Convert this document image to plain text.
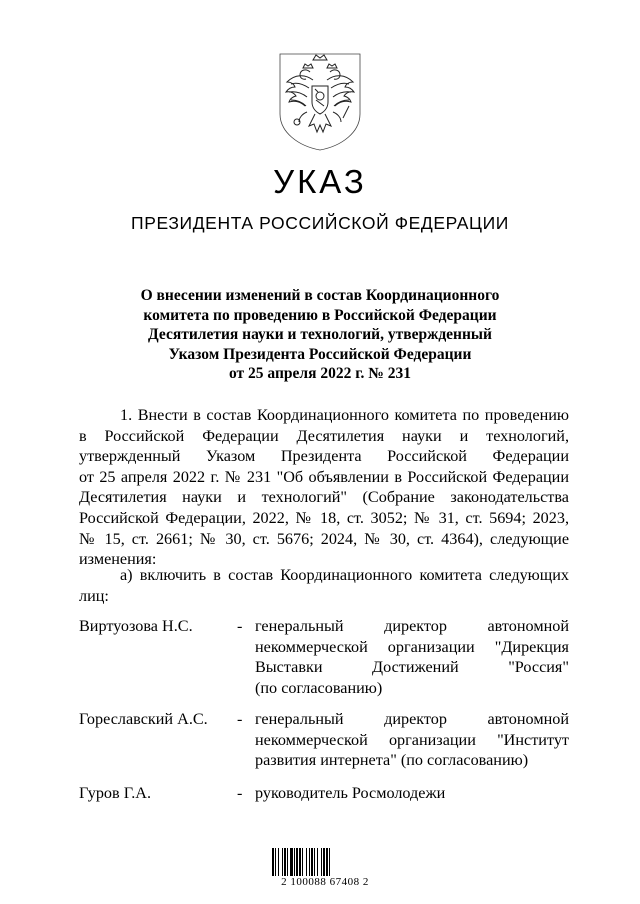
УКАЗ
ПРЕЗИДЕНТА РОССИЙСКОЙ ФЕДЕРАЦИИ
О внесении изменений в состав Координационного
комитета по проведению в Российской Федерации
Десятилетия науки и технологий, утвержденный
Указом Президента Российской Федерации
от 25 апреля 2022 г. № 231
1. Внести в состав Координационного комитета по проведению
в Российской Федерации Десятилетия науки и технологий,
утвержденный Указом Президента Российской Федерации
от 25 апреля 2022 г. № 231 "Об объявлении в Российской Федерации
Десятилетия науки и технологий" (Собрание законодательства
Российской Федерации, 2022, № 18, ст. 3052; № 31, ст. 5694; 2023,
№ 15, ст. 2661; № 30, ст. 5676; 2024, № 30, ст. 4364), следующие
изменения:
а) включить в состав Координационного комитета следующих
лиц:
Виртуозова Н.С.	- генеральный директор автономной
некоммерческой организации "Дирекция
Выставки Достижений "Россия"
(по согласованию)
Гореславский А.С. - генеральный директор автономной
некоммерческой организации "Институт
развития интернета" (по согласованию)
Гуров Г.А.	- руководитель Росмолодежи
2 100088 67408 2
